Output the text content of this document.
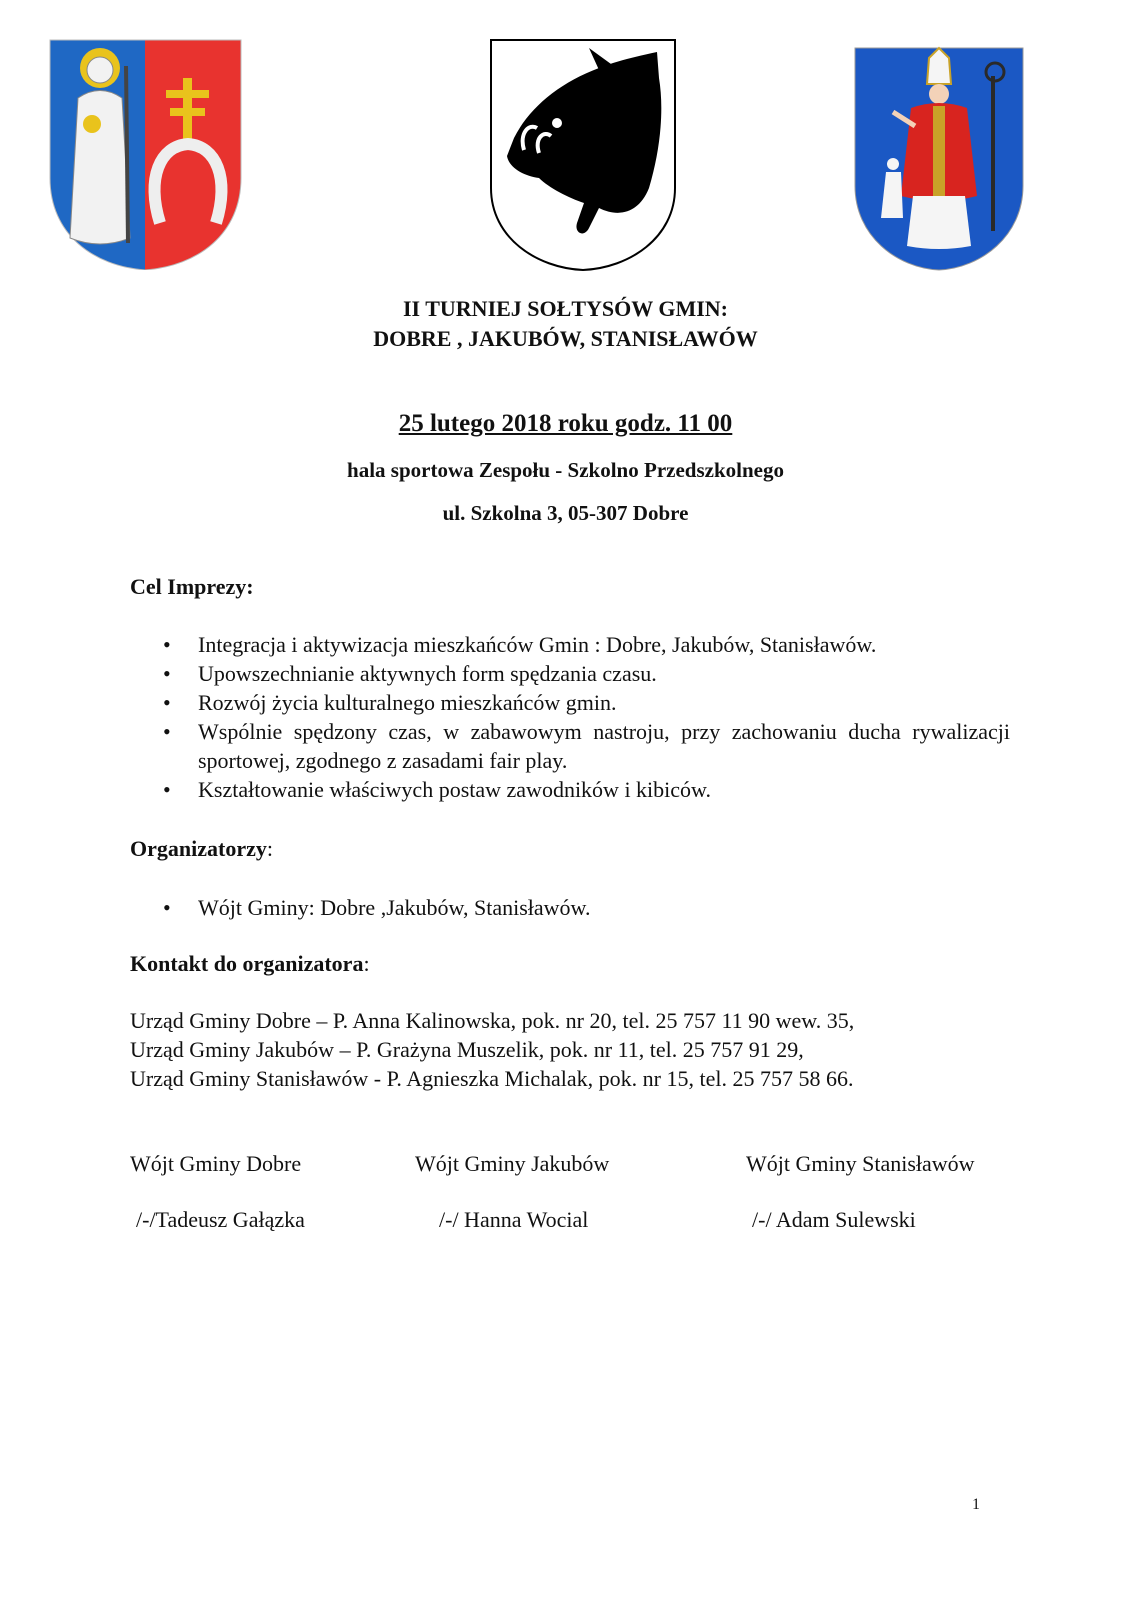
II TURNIEJ SOŁTYSÓW GMIN:
DOBRE , JAKUBÓW, STANISŁAWÓW
25 lutego 2018 roku godz. 11 00
hala sportowa Zespołu - Szkolno Przedszkolnego
ul. Szkolna 3, 05-307 Dobre
Cel Imprezy:
• Integracja i aktywizacja mieszkańców Gmin : Dobre, Jakubów, Stanisławów.
• Upowszechnianie aktywnych form spędzania czasu.
• Rozwój życia kulturalnego mieszkańców gmin.
• Wspólnie spędzony czas, w zabawowym nastroju, przy zachowaniu ducha rywalizacji sportowej, zgodnego z zasadami fair play.
• Kształtowanie właściwych postaw zawodników i kibiców.
Organizatorzy:
• Wójt Gminy: Dobre ,Jakubów, Stanisławów.
Kontakt do organizatora:
Urząd Gminy Dobre – P. Anna Kalinowska, pok. nr 20, tel. 25 757 11 90 wew. 35,
Urząd Gminy Jakubów – P. Grażyna Muszelik, pok. nr 11, tel. 25 757 91 29,
Urząd Gminy Stanisławów - P. Agnieszka Michalak, pok. nr 15, tel. 25 757 58 66.
Wójt Gminy Dobre	Wójt Gminy Jakubów	Wójt Gminy Stanisławów
/-/Tadeusz Gałązka	/-/ Hanna Wocial	/-/ Adam Sulewski
1
